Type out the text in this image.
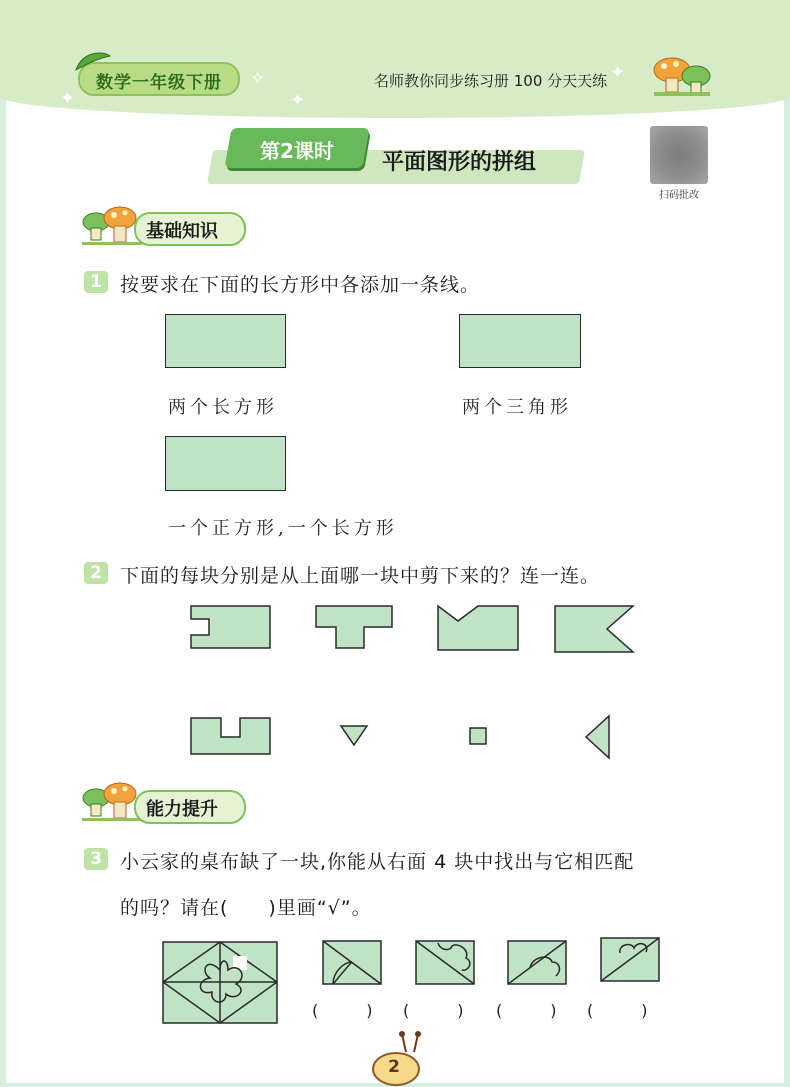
✦
✧
✦
✦
数学一年级下册	名师教你同步练习册 100 分天天练
第2课时	平面图形的拼组
扫码批改
基础知识
1 按要求在下面的长方形中各添加一条线。
两个长方形	两个三角形
一个正方形,一个长方形
2 下面的每块分别是从上面哪一块中剪下来的？连一连。
能力提升
3 小云家的桌布缺了一块,你能从右面 4 块中找出与它相匹配
的吗？请在(　　)里画“√”。
(　　　) (　　　) (　　　) (　　　)
2
